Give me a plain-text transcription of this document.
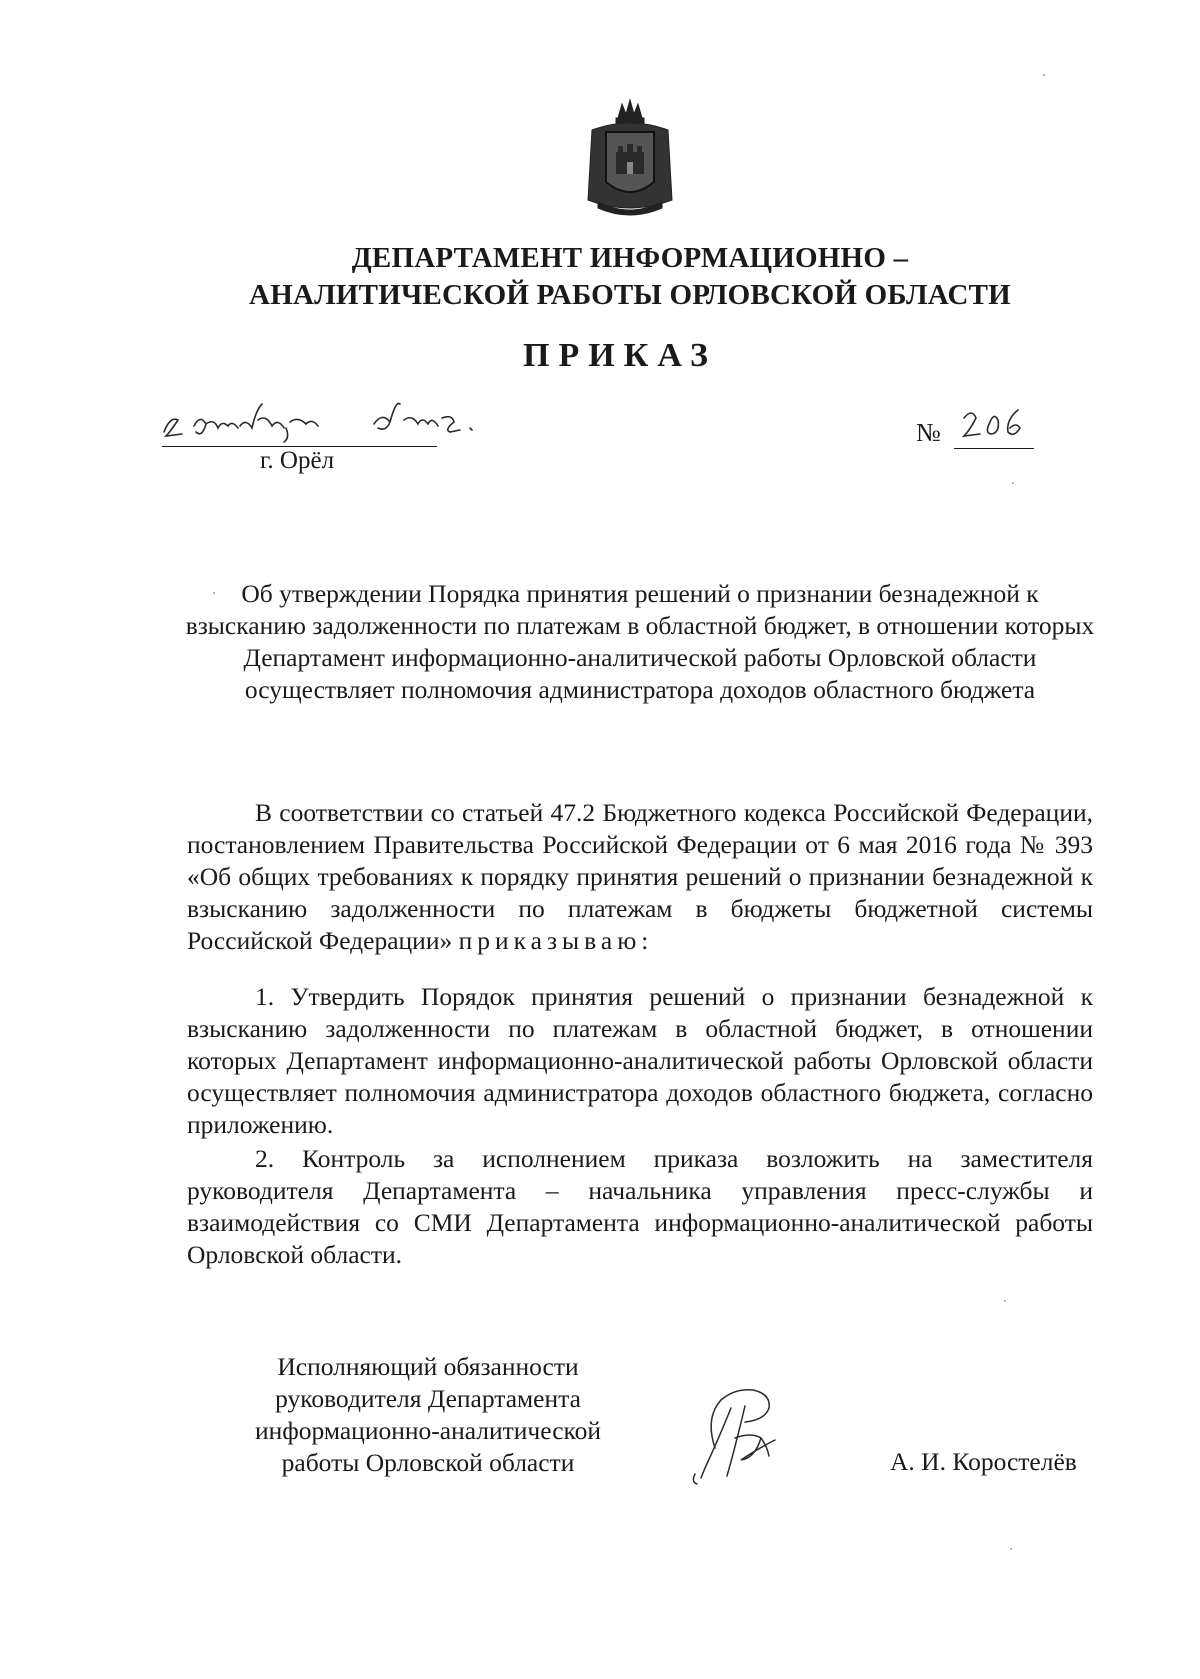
ДЕПАРТАМЕНТ ИНФОРМАЦИОННО –
АНАЛИТИЧЕСКОЙ РАБОТЫ ОРЛОВСКОЙ ОБЛАСТИ
ПРИКАЗ
г. Орёл
№
Об утверждении Порядка принятия решений о признании безнадежной к взысканию задолженности по платежам в областной бюджет, в отношении которых Департамент информационно-аналитической работы Орловской области осуществляет полномочия администратора доходов областного бюджета

В соответствии со статьей 47.2 Бюджетного кодекса Российской Федерации, постановлением Правительства Российской Федерации от 6 мая 2016 года № 393 «Об общих требованиях к порядку принятия решений о признании безнадежной к взысканию задолженности по платежам в бюджеты бюджетной системы Российской Федерации» приказываю:

1. Утвердить Порядок принятия решений о признании безнадежной к взысканию задолженности по платежам в областной бюджет, в отношении которых Департамент информационно-аналитической работы Орловской области осуществляет полномочия администратора доходов областного бюджета, согласно приложению.

2. Контроль за исполнением приказа возложить на заместителя руководителя Департамента – начальника управления пресс-службы и взаимодействия со СМИ Департамента информационно-аналитической работы Орловской области.

Исполняющий обязанности
руководителя Департамента
информационно-аналитической
работы Орловской области	А. И. Коростелёв
